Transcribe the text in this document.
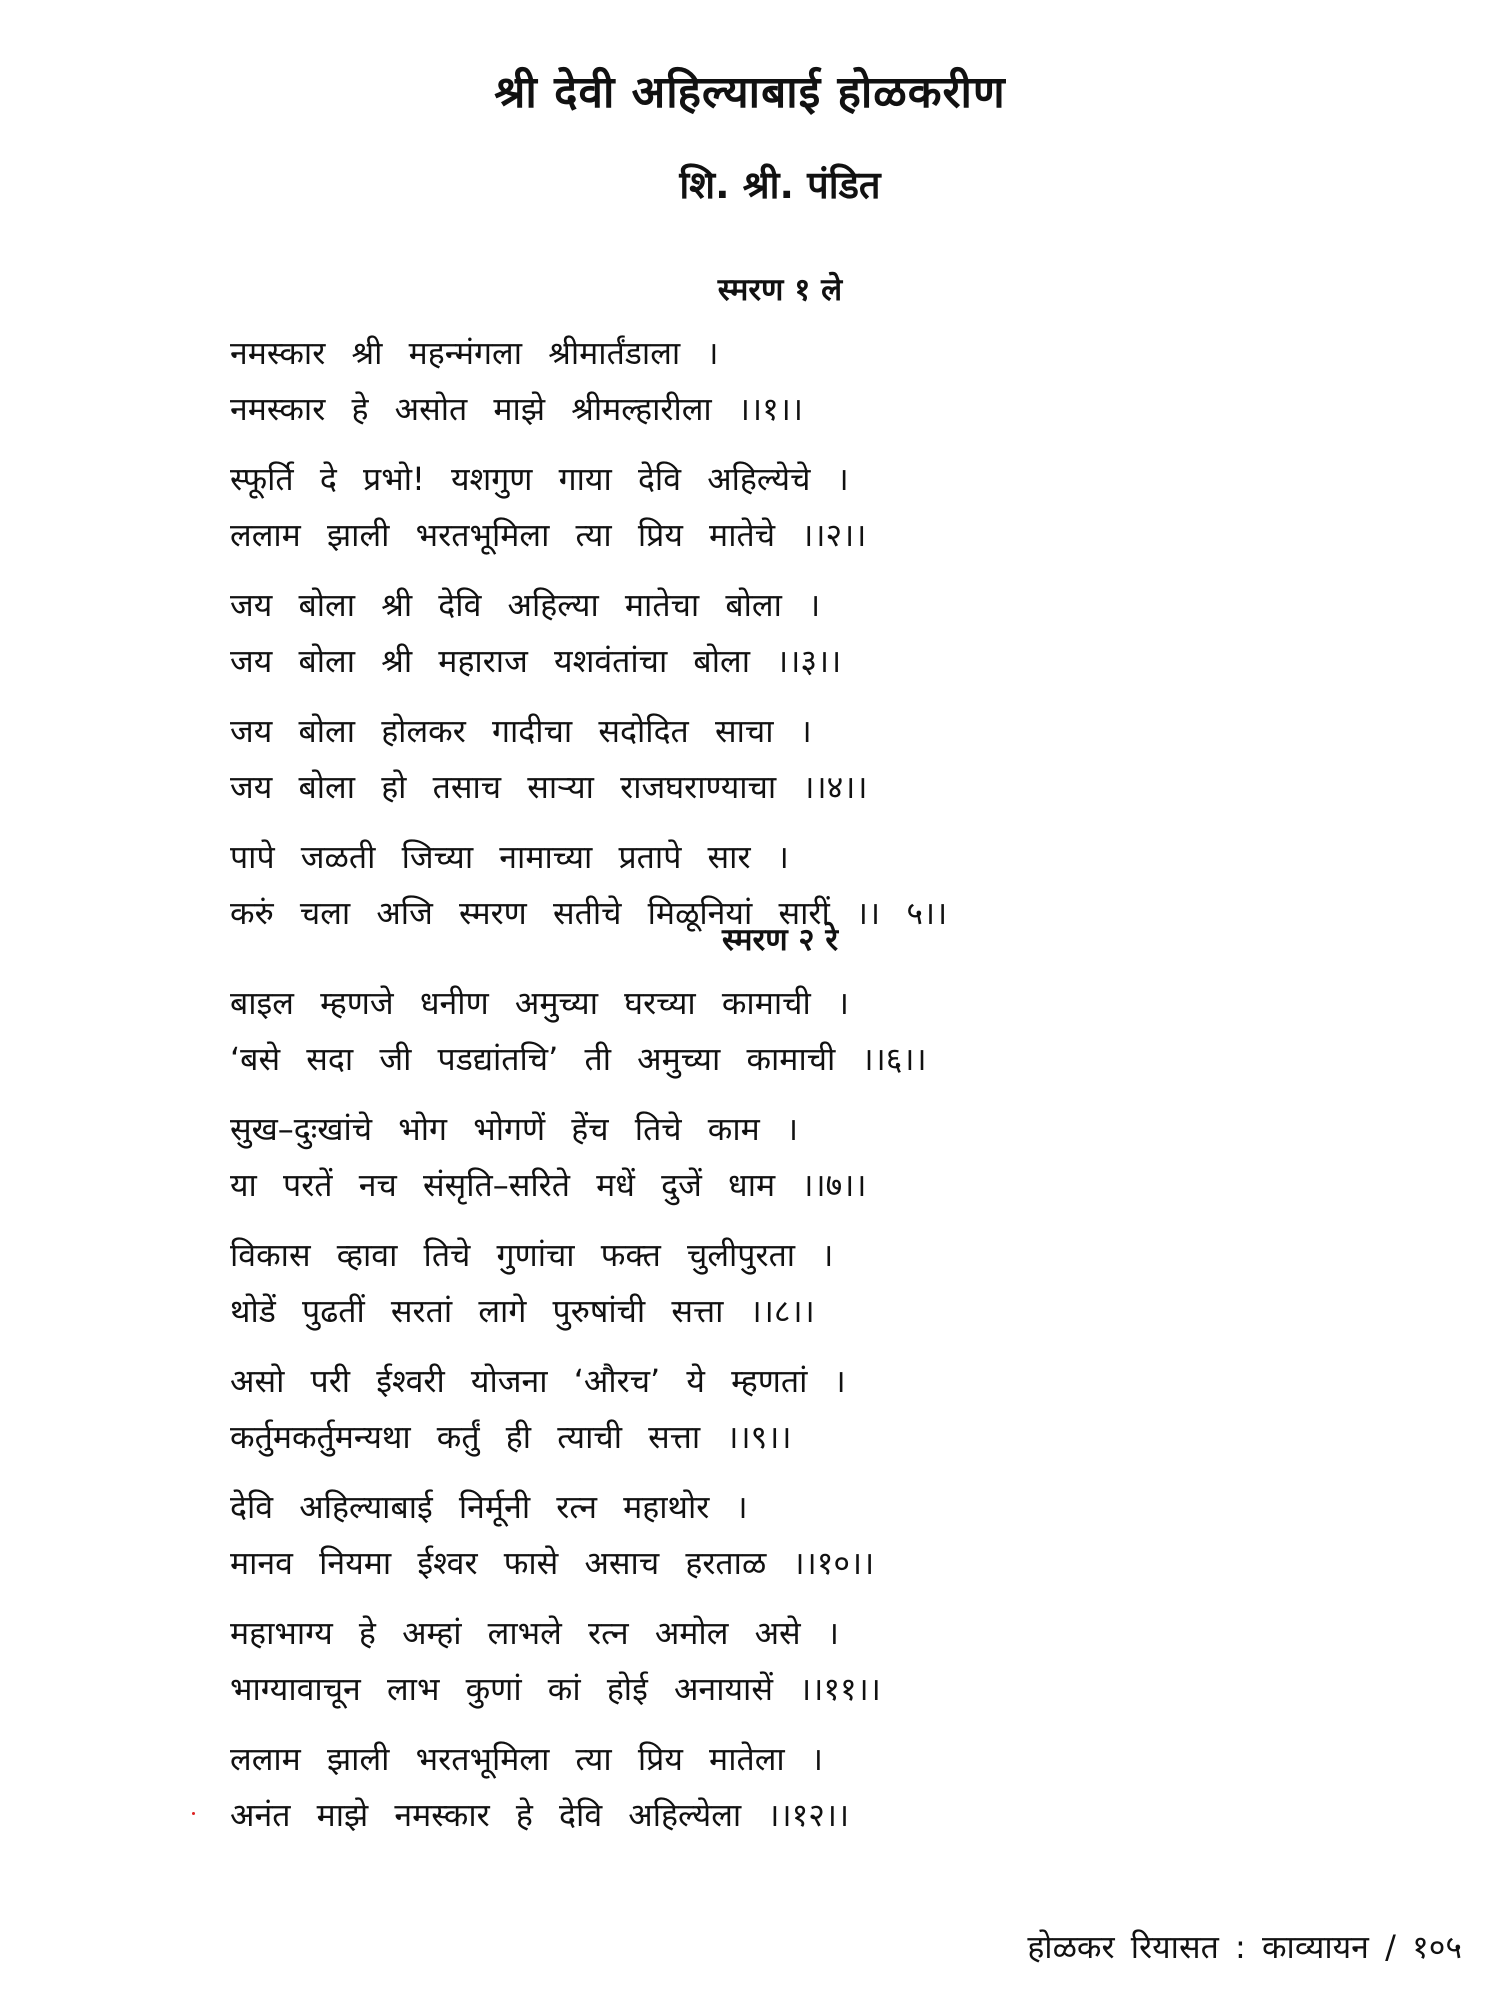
श्री देवी अहिल्याबाई होळकरीण
शि. श्री. पंडित
स्मरण १ ले
नमस्कार श्री महन्मंगला श्रीमार्तंडाला ।
नमस्कार हे असोत माझे श्रीमल्हारीला ।।१।।
स्फूर्ति दे प्रभो! यशगुण गाया देवि अहिल्येचे ।
ललाम झाली भरतभूमिला त्या प्रिय मातेचे ।।२।।
जय बोला श्री देवि अहिल्या मातेचा बोला ।
जय बोला श्री महाराज यशवंतांचा बोला ।।३।।
जय बोला होलकर गादीचा सदोदित साचा ।
जय बोला हो तसाच साऱ्या राजघराण्याचा ।।४।।
पापे जळती जिच्या नामाच्या प्रतापे सार ।
करुं चला अजि स्मरण सतीचे मिळूनियां सारीं ।। ५।।
स्मरण २ रे
बाइल म्हणजे धनीण अमुच्या घरच्या कामाची ।
‘बसे सदा जी पडद्यांतचि’ ती अमुच्या कामाची ।।६।।
सुख–दुःखांचे भोग भोगणें हेंच तिचे काम ।
या परतें नच संसृति–सरिते मधें दुजें धाम ।।७।।
विकास व्हावा तिचे गुणांचा फक्त चुलीपुरता ।
थोडें पुढतीं सरतां लागे पुरुषांची सत्ता ।।८।।
असो परी ईश्वरी योजना ‘औरच’ ये म्हणतां ।
कर्तुमकर्तुमन्यथा कर्तुं ही त्याची सत्ता ।।९।।
देवि अहिल्याबाई निर्मूनी रत्न महाथोर ।
मानव नियमा ईश्वर फासे असाच हरताळ ।।१०।।
महाभाग्य हे अम्हां लाभले रत्न अमोल असे ।
भाग्यावाचून लाभ कुणां कां होई अनायासें ।।११।।
ललाम झाली भरतभूमिला त्या प्रिय मातेला ।
अनंत माझे नमस्कार हे देवि अहिल्येला ।।१२।।
होळकर रियासत : काव्यायन / १०५
